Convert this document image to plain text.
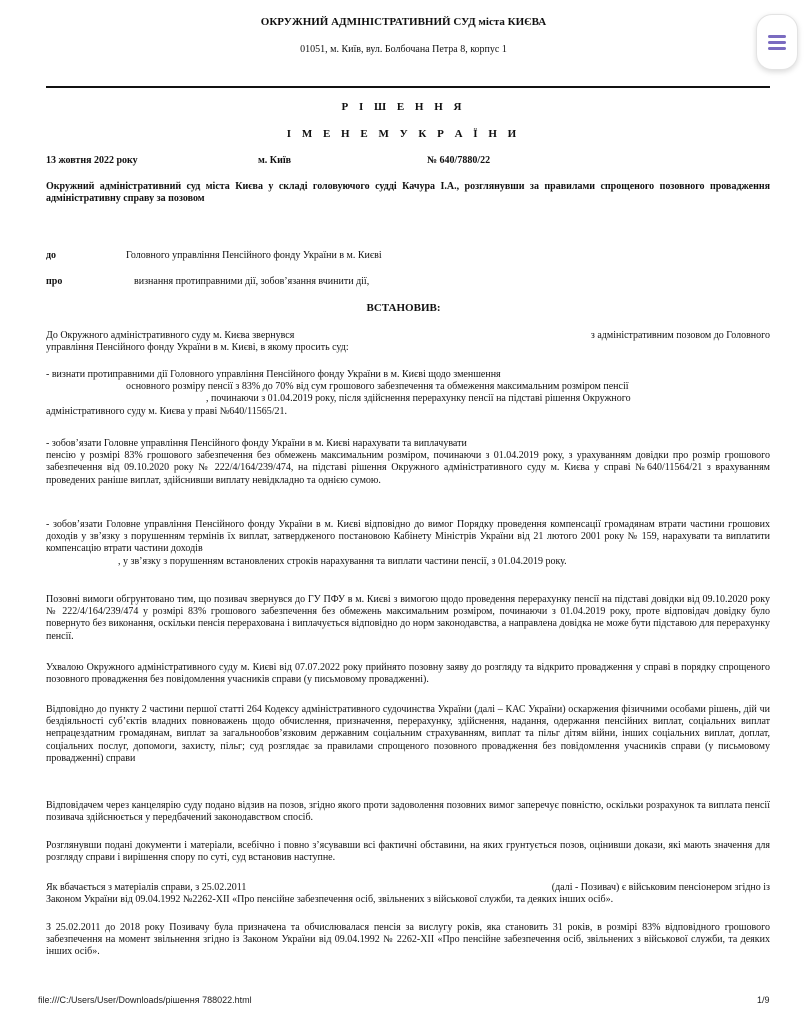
ОКРУЖНИЙ АДМІНІСТРАТИВНИЙ СУД міста КИЄВА
01051, м. Київ, вул. Болбочана Петра 8, корпус 1
Р І Ш Е Н Н Я
І М Е Н Е М У К Р А Ї Н И
13 жовтня 2022 року	м. Київ	№ 640/7880/22
Окружний адміністративний суд міста Києва у складі головуючого судді Качура І.А., розглянувши за правилами спрощеного позовного провадження адміністративну справу за позовом
до	Головного управління Пенсійного фонду України в м. Києві
про	визнання протиправними дії, зобов’язання вчинити дії,
ВСТАНОВИВ:
До Окружного адміністративного суду м. Києва звернувся	з адміністративним позовом до Головного
управління Пенсійного фонду України в м. Києві, в якому просить суд:
- визнати протиправними дії Головного управління Пенсійного фонду України в м. Києві щодо зменшення
основного розміру пенсії з 83% до 70% від сум грошового забезпечення та обмеження максимальним розміром пенсії
, починаючи з 01.04.2019 року, після здійснення перерахунку пенсії на підставі рішення Окружного
адміністративного суду м. Києва у праві №640/11565/21.
- зобов’язати Головне управління Пенсійного фонду України в м. Києві нарахувати та виплачувати
пенсію у розмірі 83% грошового забезпечення без обмежень максимальним розміром, починаючи з 01.04.2019 року, з урахуванням довідки про розмір грошового забезпечення від 09.10.2020 року № 222/4/164/239/474, на підставі рішення Окружного адміністративного суду м. Києва у справі №640/11564/21 з врахуванням проведених раніше виплат, здійснивши виплату невідкладно та однією сумою.
- зобов’язати Головне управління Пенсійного фонду України в м. Києві відповідно до вимог Порядку проведення компенсації громадянам втрати частини грошових доходів у зв’язку з порушенням термінів їх виплат, затвердженого постановою Кабінету Міністрів України від 21 лютого 2001 року № 159, нарахувати та виплатити компенсацію втрати частини доходів
, у зв’язку з порушенням встановлених строків нарахування та виплати частини пенсії, з 01.04.2019 року.
Позовні вимоги обгрунтовано тим, що позивач звернувся до ГУ ПФУ в м. Києві з вимогою щодо проведення перерахунку пенсії на підставі довідки від 09.10.2020 року № 222/4/164/239/474 у розмірі 83% грошового забезпечення без обмежень максимальним розміром, починаючи з 01.04.2019 року, проте відповідач довідку було повернуто без виконання, оскільки пенсія перерахована і виплачується відповідно до норм законодавства, а направлена довідка не може бути підставою для перерахунку пенсії.
Ухвалою Окружного адміністративного суду м. Києві від 07.07.2022 року прийнято позовну заяву до розгляду та відкрито провадження у справі в порядку спрощеного позовного провадження без повідомлення учасників справи (у письмовому провадженні).
Відповідно до пункту 2 частини першої статті 264 Кодексу адміністративного судочинства України (далі – КАС України) оскаржения фізичними особами рішень, дій чи бездіяльності суб’єктів владних повноважень щодо обчислення, призначення, перерахунку, здійснення, надання, одержання пенсійних виплат, соціальних виплат непрацездатним громадянам, виплат за загальнообов’язковим державним соціальним страхуванням, виплат та пільг дітям війни, інших соціальних виплат, доплат, соціальних послуг, допомоги, захисту, пільг; суд розглядає за правилами спрощеного позовного провадження без повідомлення учасників справи (у письмовому провадженні) справи
Відповідачем через канцелярію суду подано відзив на позов, згідно якого проти задоволення позовних вимог заперечує повністю, оскільки розрахунок та виплата пенсії позивача здійснюється у передбачений законодавством спосіб.
Розглянувши подані документи і матеріали, всебічно і повно з’ясувавши всі фактичні обставини, на яких грунтується позов, оцінивши докази, які мають значення для розгляду справи і вирішення спору по суті, суд встановив наступне.
Як вбачається з матеріалів справи, з 25.02.2011	(далі - Позивач) є військовим пенсіонером згідно із
Законом України від 09.04.1992 №2262-XII «Про пенсійне забезпечення осіб, звільнених з військової служби, та деяких інших осіб».
З 25.02.2011 до 2018 року Позивачу була призначена та обчислювалася пенсія за вислугу років, яка становить 31 років, в розмірі 83% відповідного грошового забезпечення на момент звільнення згідно із Законом України від 09.04.1992 № 2262-ХІІ «Про пенсійне забезпечення осіб, звільнених з військової служби, та деяких інших осіб».
file:///C:/Users/User/Downloads/рішення 788022.html	1/9
